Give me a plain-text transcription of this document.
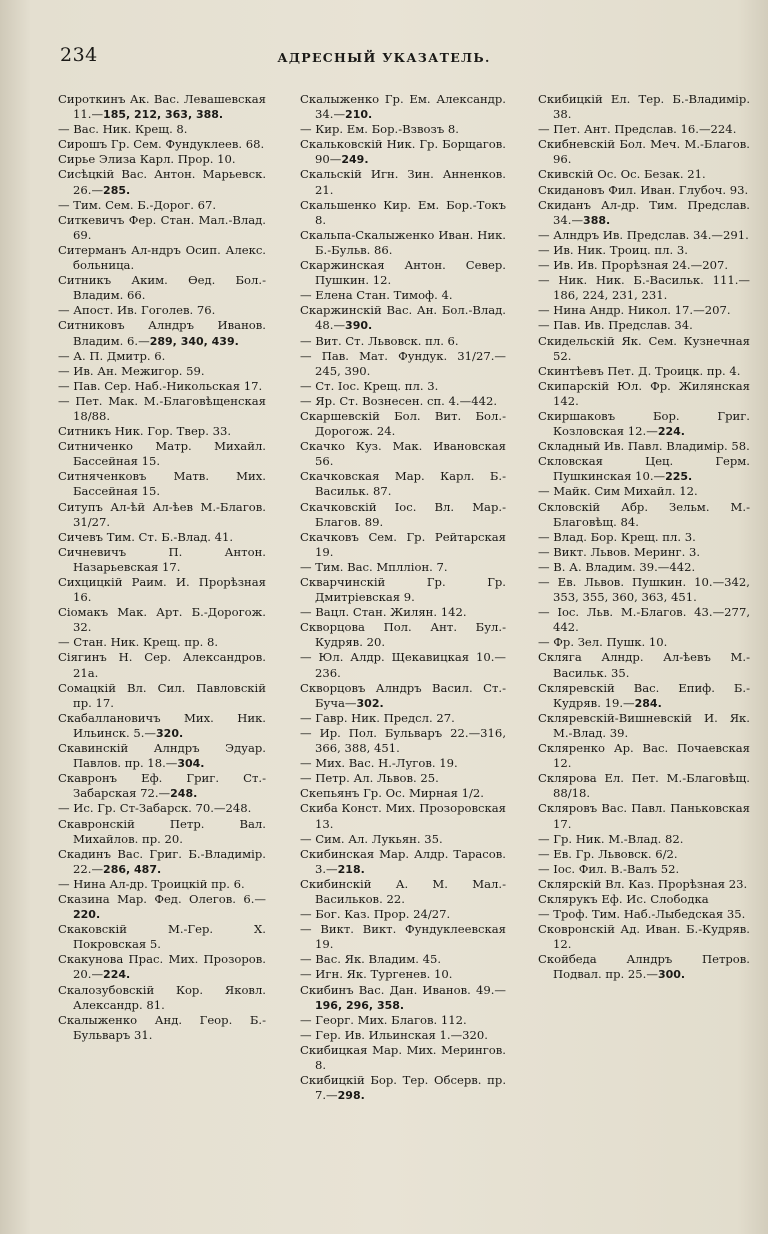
234	АДРЕСНЫЙ УКАЗАТЕЛЬ.
Сироткинъ Ак. Вас. Левашевская 11.—185, 212, 363, 388.
— Вас. Ник. Крещ. 8.
Сирошъ Гр. Сем. Фундуклеев. 68.
Сирье Элиза Карл. Прор. 10.
Сисѣцкій Вас. Антон. Марьевск. 26.—285.
— Тим. Сем. Б.-Дорог. 67.
Ситкевичъ Фер. Стан. Мал.-Влад. 69.
Ситерманъ Ал-ндръ Осип. Алекс. больница.
Ситникъ Аким. Ѳед. Бол.-Владим. 66.
— Апост. Ив. Гоголев. 76.
Ситниковъ Алндръ Иванов. Владим. 6.—289, 340, 439.
— А. П. Дмитр. 6.
— Ив. Ан. Межигор. 59.
— Пав. Сер. Наб.-Никольская 17.
— Пет. Мак. М.-Благовѣщенская 18/88.
Ситникъ Ник. Гор. Твер. 33.
Ситниченко Матр. Михайл. Бассейная 15.
Ситняченковъ Матв. Мих. Бассейная 15.
Ситупъ Ал-ѣй Ал-ѣев М.-Благов. 31/27.
Сичевъ Тим. Ст. Б.-Влад. 41.
Сичневичъ П. Антон. Назарьевская 17.
Сихцицкій Раим. И. Прорѣзная 16.
Сіомакъ Мак. Арт. Б.-Дорогож. 32.
— Стан. Ник. Крещ. пр. 8.
Сіягинъ Н. Сер. Александров. 21а.
Сомацкій Вл. Сил. Павловскій пр. 17.
Скабаллановичъ Мих. Ник. Ильинск. 5.—320.
Скавинскій Алндръ Эдуар. Павлов. пр. 18.—304.
Скавронъ Еф. Григ. Ст.-Забарская 72.—248.
— Ис. Гр. Ст-Забарск. 70.—248.
Скавронскій Петр. Вал. Михайлов. пр. 20.
Скадинъ Вас. Григ. Б.-Владимір. 22.—286, 487.
— Нина Ал-др. Троицкій пр. 6.
Сказина Мар. Фед. Олегов. 6.—220.
Скаковскій М.-Гер. Х. Покровская 5.
Скакунова Прас. Мих. Прозоров. 20.—224.
Скалозубовскій Кор. Яковл. Александр. 81.
Скалыженко Анд. Геор. Б.-Бульваръ 31.
Скалыженко Гр. Ем. Александр. 34.—210.
— Кир. Ем. Бор.-Взвозъ 8.
Скальковскій Ник. Гр. Борщагов. 90—249.
Скальскій Игн. Зин. Анненков. 21.
Скальшенко Кир. Ем. Бор.-Токъ 8.
Скальпа-Скалыженко Иван. Ник. Б.-Бульв. 86.
Скаржинская Антон. Север. Пушкин. 12.
— Елена Стан. Тимоф. 4.
Скаржинскій Вас. Ан. Бол.-Влад. 48.—390.
— Вит. Ст. Львовск. пл. 6.
— Пав. Мат. Фундук. 31/27.—245, 390.
— Ст. Іос. Крещ. пл. 3.
— Яр. Ст. Вознесен. сп. 4.—442.
Скаршевскій Бол. Вит. Бол.-Дорогож. 24.
Скачко Куз. Мак. Ивановская 56.
Скачковская Мар. Карл. Б.-Васильк. 87.
Скачковскій Іос. Вл. Мар.-Благов. 89.
Скачковъ Сем. Гр. Рейтарская 19.
— Тим. Вас. Мпллiон. 7.
Скварчинскій Гр. Гр. Дмитріевская 9.
— Вацл. Стан. Жилян. 142.
Скворцова Пол. Ант. Бул.-Кудряв. 20.
— Юл. Алдр. Щекавицкая 10.—236.
Скворцовъ Алндръ Васил. Ст.-Буча—302.
— Гавр. Ник. Предсл. 27.
— Ир. Пол. Бульваръ 22.—316, 366, 388, 451.
— Мих. Вас. Н.-Лугов. 19.
— Петр. Ал. Львов. 25.
Скепьянъ Гр. Ос. Мирная 1/2.
Скиба Конст. Мих. Прозоровская 13.
— Сим. Ал. Лукьян. 35.
Скибинская Мар. Алдр. Тарасов. 3.—218.
Скибинскій А. М. Мал.-Васильков. 22.
— Бог. Каз. Прор. 24/27.
— Викт. Викт. Фундуклеевская 19.
— Вас. Як. Владим. 45.
— Игн. Як. Тургенев. 10.
Скибинъ Вас. Дан. Иванов. 49.—196, 296, 358.
— Георг. Мих. Благов. 112.
— Гер. Ив. Ильинская 1.—320.
Скибицкая Мар. Мих. Мерингов. 8.
Скибицкій Бор. Тер. Обсерв. пр. 7.—298.
Скибицкій Ел. Тер. Б.-Владимір. 38.
— Пет. Ант. Предслав. 16.—224.
Скибневскій Бол. Меч. М.-Благов. 96.
Скивскій Ос. Ос. Безак. 21.
Скидановъ Фил. Иван. Глубоч. 93.
Скиданъ Ал-др. Тим. Предслав. 34.—388.
— Алндръ Ив. Предслав. 34.—291.
— Ив. Ник. Троиц. пл. 3.
— Ив. Ив. Прорѣзная 24.—207.
— Ник. Ник. Б.-Васильк. 111.—186, 224, 231, 231.
— Нина Андр. Никол. 17.—207.
— Пав. Ив. Предслав. 34.
Скидельскій Як. Сем. Кузнечная 52.
Скинтѣевъ Пет. Д. Троицк. пр. 4.
Скипарскій Юл. Фр. Жилянская 142.
Скиршаковъ Бор. Григ. Козловская 12.—224.
Складный Ив. Павл. Владимір. 58.
Скловская Цец. Герм. Пушкинская 10.—225.
— Майк. Сим Михайл. 12.
Скловскій Абр. Зельм. М.-Благовѣщ. 84.
— Влад. Бор. Крещ. пл. 3.
— Викт. Львов. Меринг. 3.
— В. А. Владим. 39.—442.
— Ев. Львов. Пушкин. 10.—342, 353, 355, 360, 363, 451.
— Іос. Льв. М.-Благов. 43.—277, 442.
— Фр. Зел. Пушк. 10.
Скляга Алндр. Ал-ѣевъ М.-Васильк. 35.
Скляревскій Вас. Епиф. Б.-Кудряв. 19.—284.
Скляревскій-Вишневскій И. Як. М.-Влад. 39.
Скляренко Ар. Вас. Почаевская 12.
Склярова Ел. Пет. М.-Благовѣщ. 88/18.
Скляровъ Вас. Павл. Паньковская 17.
— Гр. Ник. М.-Влад. 82.
— Ев. Гр. Львовск. 6/2.
— Іос. Фил. В.-Валъ 52.
Склярскій Вл. Каз. Прорѣзная 23.
Склярукъ Еф. Ис. Слободка
— Троф. Тим. Наб.-Лыбедская 35.
Сковронскій Ад. Иван. Б.-Кудряв. 12.
Скойбеда Алндръ Петров. Подвал. пр. 25.—300.
